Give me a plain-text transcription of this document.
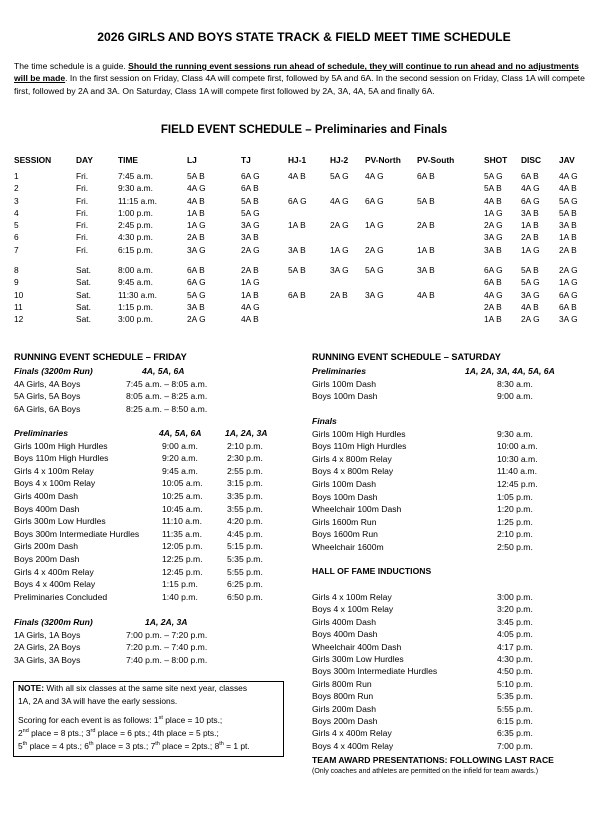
2026 GIRLS AND BOYS STATE TRACK & FIELD MEET TIME SCHEDULE
The time schedule is a guide. Should the running event sessions run ahead of schedule, they will continue to run ahead and no adjustments will be made. In the first session on Friday, Class 4A will compete first, followed by 5A and 6A. In the second session on Friday, Class 1A will compete first, followed by 2A and 3A. On Saturday, Class 1A will compete first followed by 2A, 3A, 4A, 5A and finally 6A.
FIELD EVENT SCHEDULE – Preliminaries and Finals
SESSION	DAY	TIME	LJ	TJ	HJ-1	HJ-2	PV-North	PV-South	SHOT	DISC	JAV
1	Fri.	7:45 a.m.	5A B	6A G	4A B	5A G	4A G	6A B	5A G	6A B	4A G
2	Fri.	9:30 a.m.	4A G	6A B					5A B	4A G	4A B
3	Fri.	11:15 a.m.	4A B	5A B	6A G	4A G	6A G	5A B	4A B	6A G	5A G
4	Fri.	1:00 p.m.	1A B	5A G					1A G	3A B	5A B
5	Fri.	2:45 p.m.	1A G	3A G	1A B	2A G	1A G	2A B	2A G	1A B	3A B
6	Fri.	4:30 p.m.	2A B	3A B					3A G	2A B	1A B
7	Fri.	6:15 p.m.	3A G	2A G	3A B	1A G	2A G	1A B	3A B	1A G	2A B

8	Sat.	8:00 a.m.	6A B	2A B	5A B	3A G	5A G	3A B	6A G	5A B	2A G
9	Sat.	9:45 a.m.	6A G	1A G					6A B	5A G	1A G
10	Sat.	11:30 a.m.	5A G	1A B	6A B	2A B	3A G	4A B	4A G	3A G	6A G
11	Sat.	1:15 p.m.	3A B	4A G					2A B	4A B	6A B
12	Sat.	3:00 p.m.	2A G	4A B					1A B	2A G	3A G
RUNNING EVENT SCHEDULE – FRIDAY
Finals (3200m Run)	4A, 5A, 6A
4A Girls, 4A Boys	7:45 a.m. – 8:05 a.m.
5A Girls, 5A Boys	8:05 a.m. – 8:25 a.m.
6A Girls, 6A Boys	8:25 a.m. – 8:50 a.m.
Preliminaries	4A, 5A, 6A	1A, 2A, 3A
Girls 100m High Hurdles	9:00 a.m.	2:10 p.m.
Boys 110m High Hurdles	9:20 a.m.	2:30 p.m.
Girls 4 x 100m Relay	9:45 a.m.	2:55 p.m.
Boys 4 x 100m Relay	10:05 a.m.	3:15 p.m.
Girls 400m Dash	10:25 a.m.	3:35 p.m.
Boys 400m Dash	10:45 a.m.	3:55 p.m.
Girls 300m Low Hurdles	11:10 a.m.	4:20 p.m.
Boys 300m Intermediate Hurdles	11:35 a.m.	4:45 p.m.
Girls 200m Dash	12:05 p.m.	5:15 p.m.
Boys 200m Dash	12:25 p.m.	5:35 p.m.
Girls 4 x 400m Relay	12:45 p.m.	5:55 p.m.
Boys 4 x 400m Relay	1:15 p.m.	6:25 p.m.
Preliminaries Concluded	1:40 p.m.	6:50 p.m.
Finals (3200m Run)	1A, 2A, 3A
1A Girls, 1A Boys	7:00 p.m. – 7:20 p.m.
2A Girls, 2A Boys	7:20 p.m. – 7:40 p.m.
3A Girls, 3A Boys	7:40 p.m. – 8:00 p.m.
NOTE: With all six classes at the same site next year, classes
1A, 2A and 3A will have the early sessions.
Scoring for each event is as follows: 1st place = 10 pts.;
2nd place = 8 pts.; 3rd place = 6 pts.; 4th place = 5 pts.;
5th place = 4 pts.; 6th place = 3 pts.; 7th place = 2pts.; 8th = 1 pt.
RUNNING EVENT SCHEDULE – SATURDAY
Preliminaries	1A, 2A, 3A, 4A, 5A, 6A
Girls 100m Dash	8:30 a.m.
Boys 100m Dash	9:00 a.m.
Finals
Girls 100m High Hurdles	9:30 a.m.
Boys 110m High Hurdles	10:00 a.m.
Girls 4 x 800m Relay	10:30 a.m.
Boys 4 x 800m Relay	11:40 a.m.
Girls 100m Dash	12:45 p.m.
Boys 100m Dash	1:05 p.m.
Wheelchair 100m Dash	1:20 p.m.
Girls 1600m Run	1:25 p.m.
Boys 1600m Run	2:10 p.m.
Wheelchair 1600m	2:50 p.m.
HALL OF FAME INDUCTIONS
Girls 4 x 100m Relay	3:00 p.m.
Boys 4 x 100m Relay	3:20 p.m.
Girls 400m Dash	3:45 p.m.
Boys 400m Dash	4:05 p.m.
Wheelchair 400m Dash	4:17 p.m.
Girls 300m Low Hurdles	4:30 p.m.
Boys 300m Intermediate Hurdles	4:50 p.m.
Girls 800m Run	5:10 p.m.
Boys 800m Run	5:35 p.m.
Girls 200m Dash	5:55 p.m.
Boys 200m Dash	6:15 p.m.
Girls 4 x 400m Relay	6:35 p.m.
Boys 4 x 400m Relay	7:00 p.m.
TEAM AWARD PRESENTATIONS: FOLLOWING LAST RACE
(Only coaches and athletes are permitted on the infield for team awards.)
